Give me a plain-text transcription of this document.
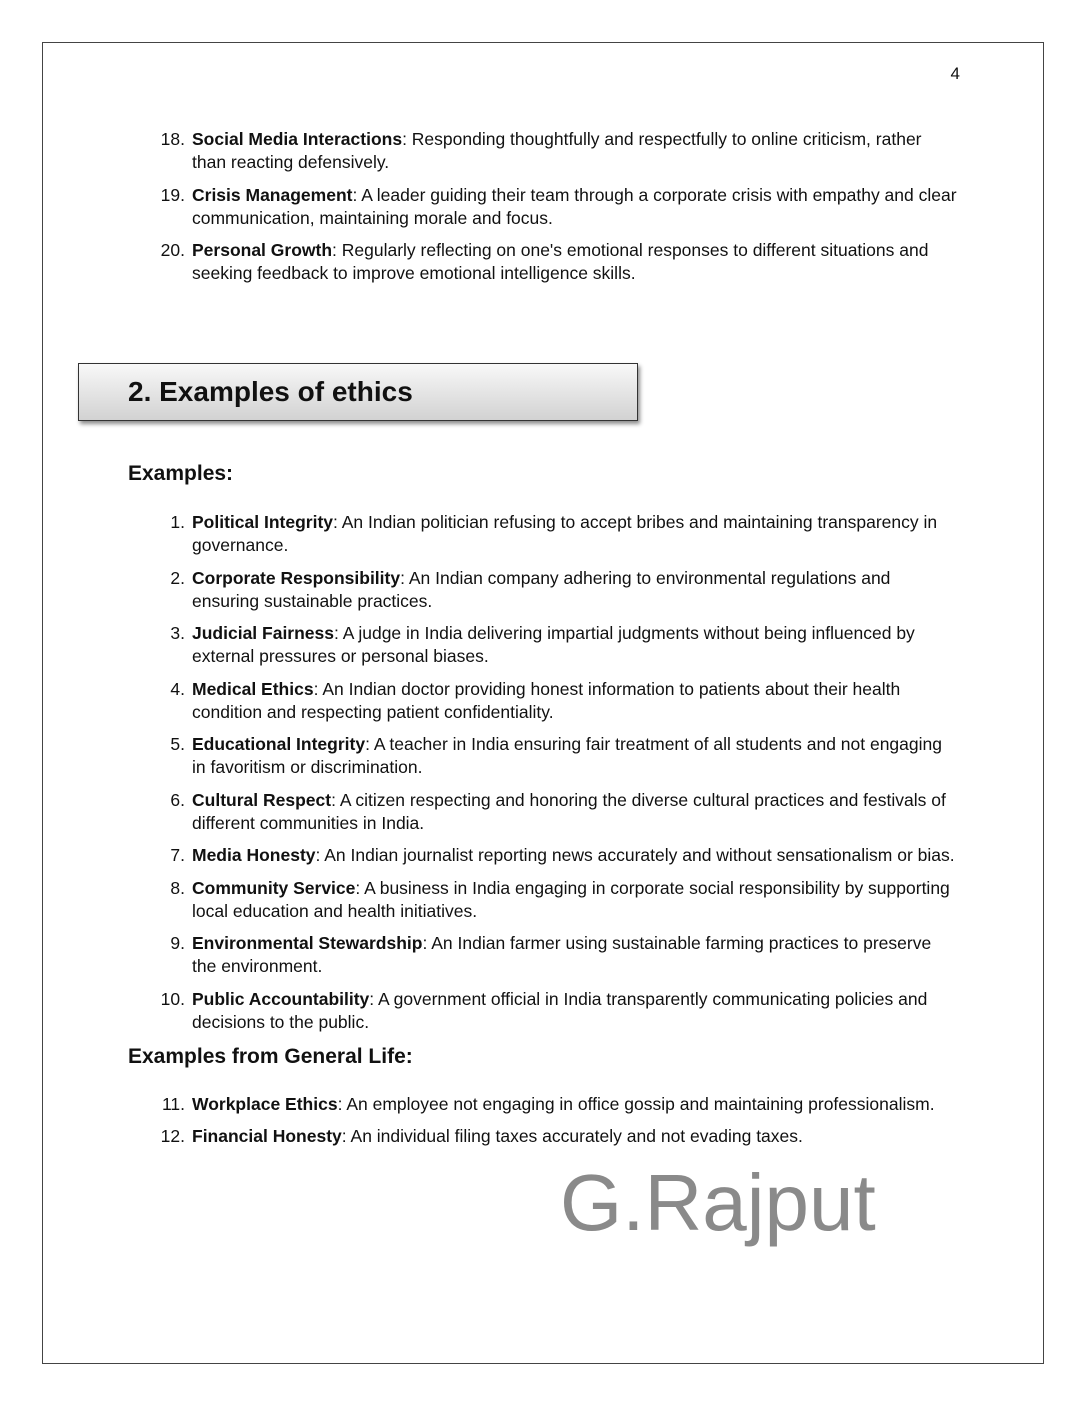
4
18. Social Media Interactions: Responding thoughtfully and respectfully to online criticism, rather than reacting defensively.
19. Crisis Management: A leader guiding their team through a corporate crisis with empathy and clear communication, maintaining morale and focus.
20. Personal Growth: Regularly reflecting on one's emotional responses to different situations and seeking feedback to improve emotional intelligence skills.
2. Examples of ethics
Examples:
1. Political Integrity: An Indian politician refusing to accept bribes and maintaining transparency in governance.
2. Corporate Responsibility: An Indian company adhering to environmental regulations and ensuring sustainable practices.
3. Judicial Fairness: A judge in India delivering impartial judgments without being influenced by external pressures or personal biases.
4. Medical Ethics: An Indian doctor providing honest information to patients about their health condition and respecting patient confidentiality.
5. Educational Integrity: A teacher in India ensuring fair treatment of all students and not engaging in favoritism or discrimination.
6. Cultural Respect: A citizen respecting and honoring the diverse cultural practices and festivals of different communities in India.
7. Media Honesty: An Indian journalist reporting news accurately and without sensationalism or bias.
8. Community Service: A business in India engaging in corporate social responsibility by supporting local education and health initiatives.
9. Environmental Stewardship: An Indian farmer using sustainable farming practices to preserve the environment.
10. Public Accountability: A government official in India transparently communicating policies and decisions to the public.
Examples from General Life:
11. Workplace Ethics: An employee not engaging in office gossip and maintaining professionalism.
12. Financial Honesty: An individual filing taxes accurately and not evading taxes.
G.Rajput
